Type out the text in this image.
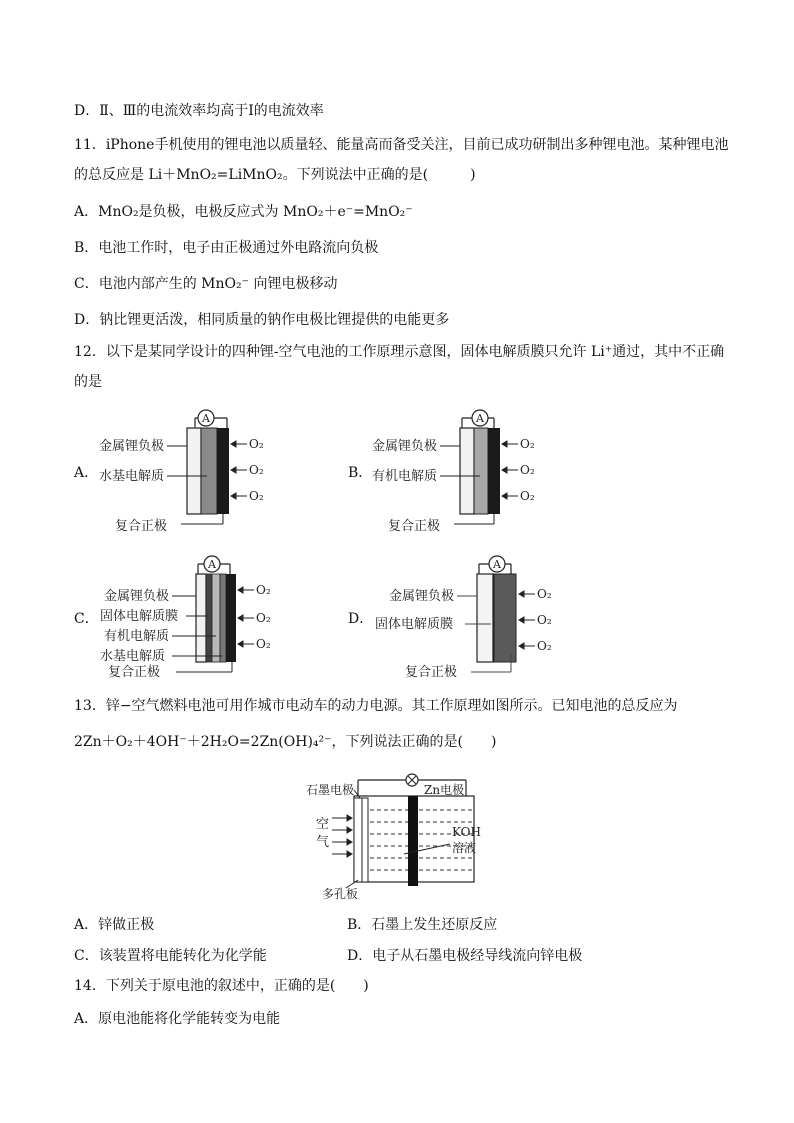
D．Ⅱ、Ⅲ的电流效率均高于Ⅰ的电流效率
11．iPhone手机使用的锂电池以质量轻、能量高而备受关注，目前已成功研制出多种锂电池。某种锂电池
的总反应是 Li＋MnO₂=LiMnO₂。下列说法中正确的是(　　　)
A．MnO₂是负极，电极反应式为 MnO₂＋e⁻=MnO₂⁻
B．电池工作时，电子由正极通过外电路流向负极
C．电池内部产生的 MnO₂⁻ 向锂电极移动
D．钠比锂更活泼，相同质量的钠作电极比锂提供的电能更多
12．以下是某同学设计的四种锂-空气电池的工作原理示意图，固体电解质膜只允许 Li⁺通过，其中不正确
的是
A．
A
金属锂负极
水基电解质
复合正极
O₂
O₂
O₂
B．
A
金属锂负极
有机电解质
复合正极
O₂
O₂
O₂
C．
A
金属锂负极
固体电解质膜
有机电解质
水基电解质
复合正极
O₂
O₂
O₂
D．
A
金属锂负极
固体电解质膜
复合正极
O₂
O₂
O₂
13．锌−空气燃料电池可用作城市电动车的动力电源。其工作原理如图所示。已知电池的总反应为
2Zn＋O₂＋4OH⁻＋2H₂O=2Zn(OH)₄²⁻，下列说法正确的是(　　)
石墨电极	Zn电极
空
气
KOH
溶液
多孔板
A．锌做正极	B．石墨上发生还原反应
C．该装置将电能转化为化学能	D．电子从石墨电极经导线流向锌电极
14．下列关于原电池的叙述中，正确的是(　　)
A．原电池能将化学能转变为电能
